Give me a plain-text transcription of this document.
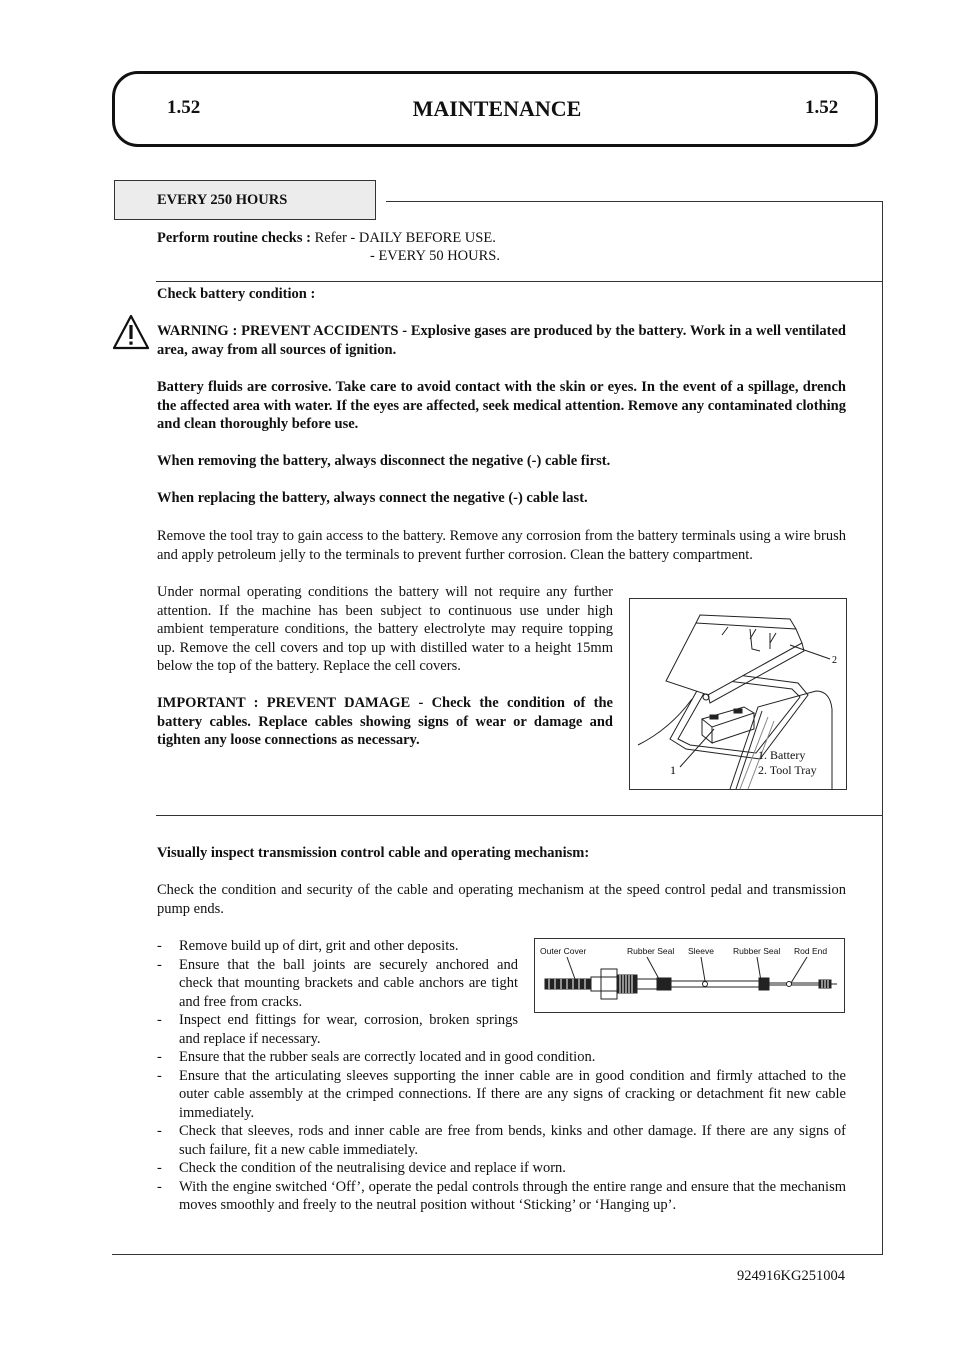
1.52	MAINTENANCE	1.52
EVERY 250 HOURS
Perform routine checks : Refer - DAILY BEFORE USE.
- EVERY 50 HOURS.
Check battery condition :
WARNING : PREVENT ACCIDENTS - Explosive gases are produced by the battery. Work in a well ventilated area, away from all sources of ignition.
Battery fluids are corrosive. Take care to avoid contact with the skin or eyes. In the event of a spillage, drench the affected area with water. If the eyes are affected, seek medical attention. Remove any contaminated clothing and clean thoroughly before use.
When removing the battery, always disconnect the negative (-) cable first.
When replacing the battery, always connect the negative (-) cable last.
Remove the tool tray to gain access to the battery. Remove any corrosion from the battery terminals using a wire brush and apply petroleum jelly to the terminals to prevent further corrosion. Clean the battery compartment.
Under normal operating conditions the battery will not require any further attention. If the machine has been subject to continuous use under high ambient temperature conditions, the battery electrolyte may require topping up. Remove the cell covers and top up with distilled water to a height 15mm below the top of the battery. Replace the cell covers.
IMPORTANT : PREVENT DAMAGE - Check the condition of the battery cables. Replace cables showing signs of wear or damage and tighten any loose connections as necessary.
1
2
1. Battery
2. Tool Tray
Visually inspect transmission control cable and operating mechanism:
Check the condition and security of the cable and operating mechanism at the speed control pedal and transmission pump ends.
- Remove build up of dirt, grit and other deposits.
- Ensure that the ball joints are securely anchored and check that mounting brackets and cable anchors are tight and free from cracks.
- Inspect end fittings for wear, corrosion, broken springs and replace if necessary.
- Ensure that the rubber seals are correctly located and in good condition.
- Ensure that the articulating sleeves supporting the inner cable are in good condition and firmly attached to the outer cable assembly at the crimped connections. If there are any signs of cracking or detachment fit new cable immediately.
- Check that sleeves, rods and inner cable are free from bends, kinks and other damage. If there are any signs of such failure, fit a new cable immediately.
- Check the condition of the neutralising device and replace if worn.
- With the engine switched ‘Off’, operate the pedal controls through the entire range and ensure that the mechanism moves smoothly and freely to the neutral position without ‘Sticking’ or ‘Hanging up’.
Outer Cover	Rubber Seal Sleeve Rubber Seal Rod End
924916KG251004
